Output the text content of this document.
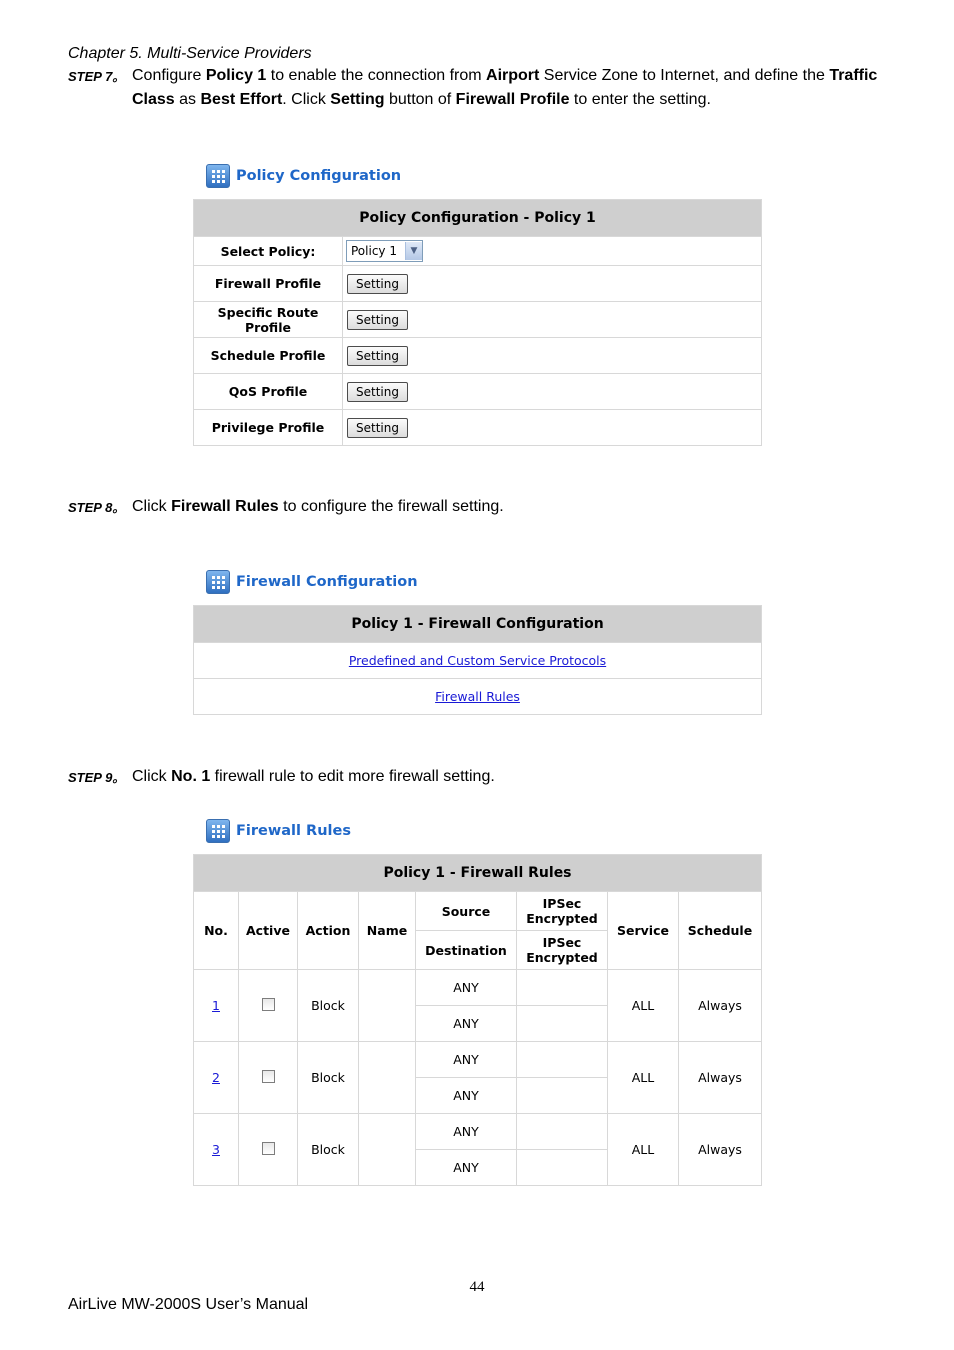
Chapter 5. Multi-Service Providers
STEP 7。 Configure Policy 1 to enable the connection from Airport Service Zone to Internet, and define the Traffic Class as Best Effort. Click Setting button of Firewall Profile to enter the setting.
Policy Configuration
Policy Configuration - Policy 1	
Select Policy:	Policy 1 ▼

Firewall Profile	Setting
Specific Route Profile	Setting
Schedule Profile	Setting
QoS Profile	Setting
Privilege Profile	Setting
STEP 8。 Click Firewall Rules to configure the firewall setting.
Firewall Configuration
Policy 1 - Firewall Configuration
Predefined and Custom Service Protocols
Firewall Rules
STEP 9。 Click No. 1 firewall rule to edit more firewall setting.
Firewall Rules
Policy 1 - Firewall Rules							
No.	Active	Action	Name	Source	IPSec Encrypted	Service	Schedule
				Destination	IPSec Encrypted		
1		Block		ANY		ALL	Always
				ANY			
2		Block		ANY		ALL	Always
				ANY			
3		Block		ANY		ALL	Always
				ANY			
44
AirLive MW-2000S User’s Manual
